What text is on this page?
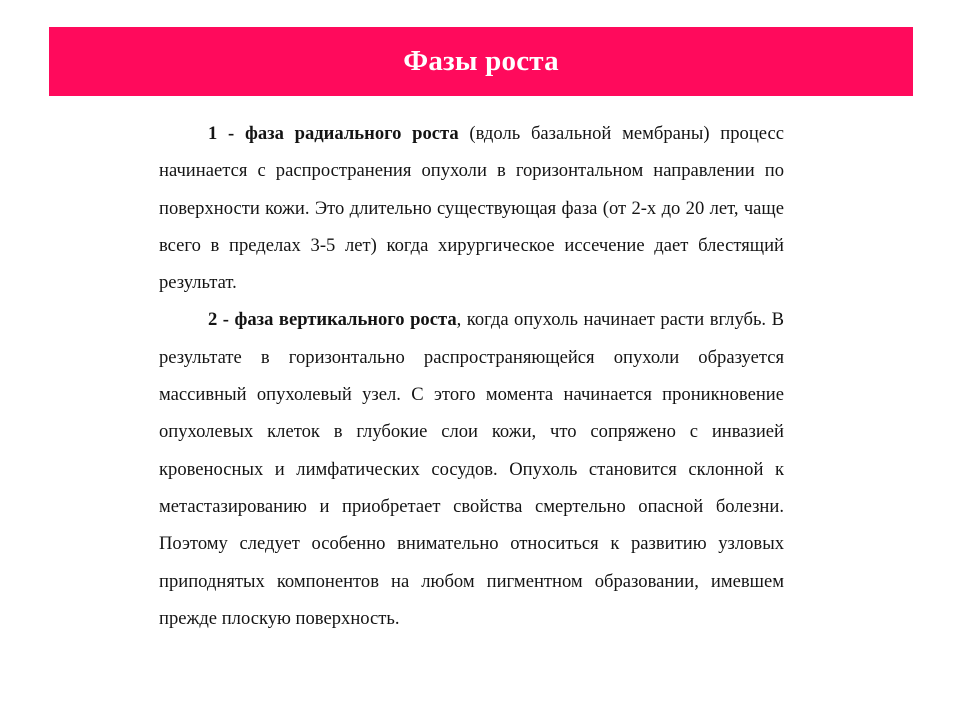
Фазы роста

1 - фаза радиального роста (вдоль базальной мембраны) процесс начинается с распространения опухоли в горизонтальном направлении по поверхности кожи. Это длительно существующая фаза (от 2-х до 20 лет, чаще всего в пределах 3-5 лет) когда хирургическое иссечение дает блестящий результат.

2 - фаза вертикального роста, когда опухоль начинает расти вглубь. В результате в горизонтально распространяющейся опухоли образуется массивный опухолевый узел. С этого момента начинается проникновение опухолевых клеток в глубокие слои кожи, что сопряжено с инвазией кровеносных и лимфатических сосудов. Опухоль становится склонной к метастазированию и приобретает свойства смертельно опасной болезни. Поэтому следует особенно внимательно относиться к развитию узловых приподнятых компонентов на любом пигментном образовании, имевшем прежде плоскую поверхность.
